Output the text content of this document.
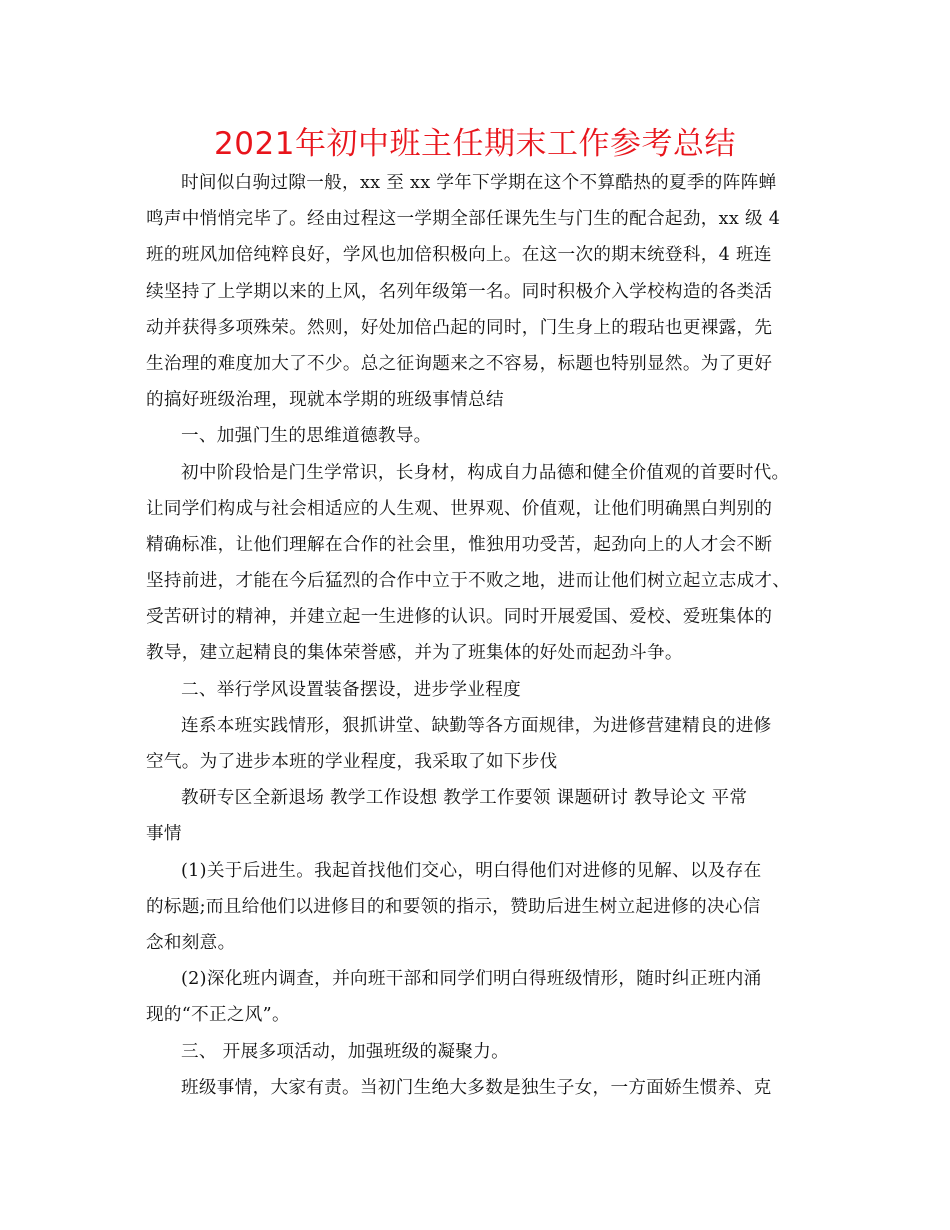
2021年初中班主任期末工作参考总结
时间似白驹过隙一般，xx 至 xx 学年下学期在这个不算酷热的夏季的阵阵蝉
鸣声中悄悄完毕了。经由过程这一学期全部任课先生与门生的配合起劲，xx 级 4
班的班风加倍纯粹良好，学风也加倍积极向上。在这一次的期末统登科，4 班连
续坚持了上学期以来的上风，名列年级第一名。同时积极介入学校构造的各类活
动并获得多项殊荣。然则，好处加倍凸起的同时，门生身上的瑕玷也更裸露，先
生治理的难度加大了不少。总之征询题来之不容易，标题也特别显然。为了更好
的搞好班级治理，现就本学期的班级事情总结
一、加强门生的思维道德教导。
初中阶段恰是门生学常识，长身材，构成自力品德和健全价值观的首要时代。
让同学们构成与社会相适应的人生观、世界观、价值观，让他们明确黑白判别的
精确标准，让他们理解在合作的社会里，惟独用功受苦，起劲向上的人才会不断
坚持前进，才能在今后猛烈的合作中立于不败之地，进而让他们树立起立志成才、
受苦研讨的精神，并建立起一生进修的认识。同时开展爱国、爱校、爱班集体的
教导，建立起精良的集体荣誉感，并为了班集体的好处而起劲斗争。
二、举行学风设置装备摆设，进步学业程度
连系本班实践情形，狠抓讲堂、缺勤等各方面规律，为进修营建精良的进修
空气。为了进步本班的学业程度，我采取了如下步伐
教研专区全新退场 教学工作设想 教学工作要领 课题研讨 教导论文 平常
事情
(1)关于后进生。我起首找他们交心，明白得他们对进修的见解、以及存在
的标题;而且给他们以进修目的和要领的指示，赞助后进生树立起进修的决心信
念和刻意。
(2)深化班内调查，并向班干部和同学们明白得班级情形，随时纠正班内涌
现的“不正之风”。
三、 开展多项活动，加强班级的凝聚力。
班级事情，大家有责。当初门生绝大多数是独生子女，一方面娇生惯养、克
